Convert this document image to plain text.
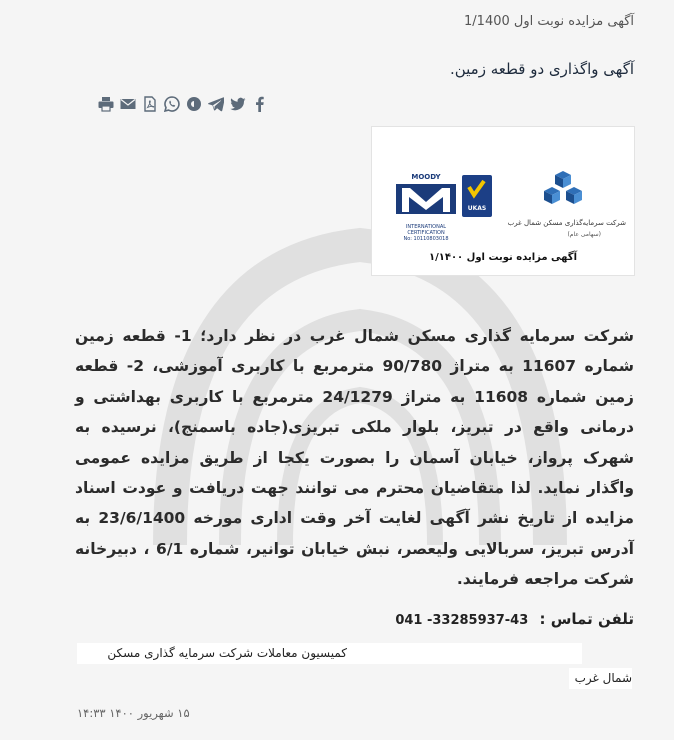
آگهی مزایده نوبت اول 1/1400
آگهی واگذاری دو قطعه زمین.
MOODY
INTERNATIONAL CERTIFICATION
No: 10110803018
UKAS
شرکت سرمایه‌گذاری مسکن شمال غرب
(سهامی عام)
آگهی مزایده نوبت اول ۱/۱۴۰۰
شرکت سرمایه گذاری مسکن شمال غرب در نظر دارد؛ 1- قطعه زمین شماره 11607 به متراژ 90/780 مترمربع با کاربری آموزشی، 2- قطعه زمین شماره 11608 به متراژ 24/1279 مترمربع با کاربری بهداشتی و درمانی واقع در تبریز، بلوار ملکی تبریزی(جاده باسمنج)، نرسیده به شهرک پرواز، خیابان آسمان را بصورت یکجا از طریق مزایده عمومی واگذار نماید. لذا متقاضیان محترم می توانند جهت دریافت و عودت اسناد مزایده از تاریخ نشر آگهی لغایت آخر وقت اداری مورخه 23/6/1400 به آدرس تبریز، سربالایی ولیعصر، نبش خیابان توانیر، شماره 6/1 ، دبیرخانه شرکت مراجعه فرمایند.
تلفن تماس : 43-33285937- 041
کمیسیون معاملات شرکت سرمایه گذاری مسکن
شمال غرب
۱۵ شهریور ۱۴۰۰ ۱۴:۳۳
